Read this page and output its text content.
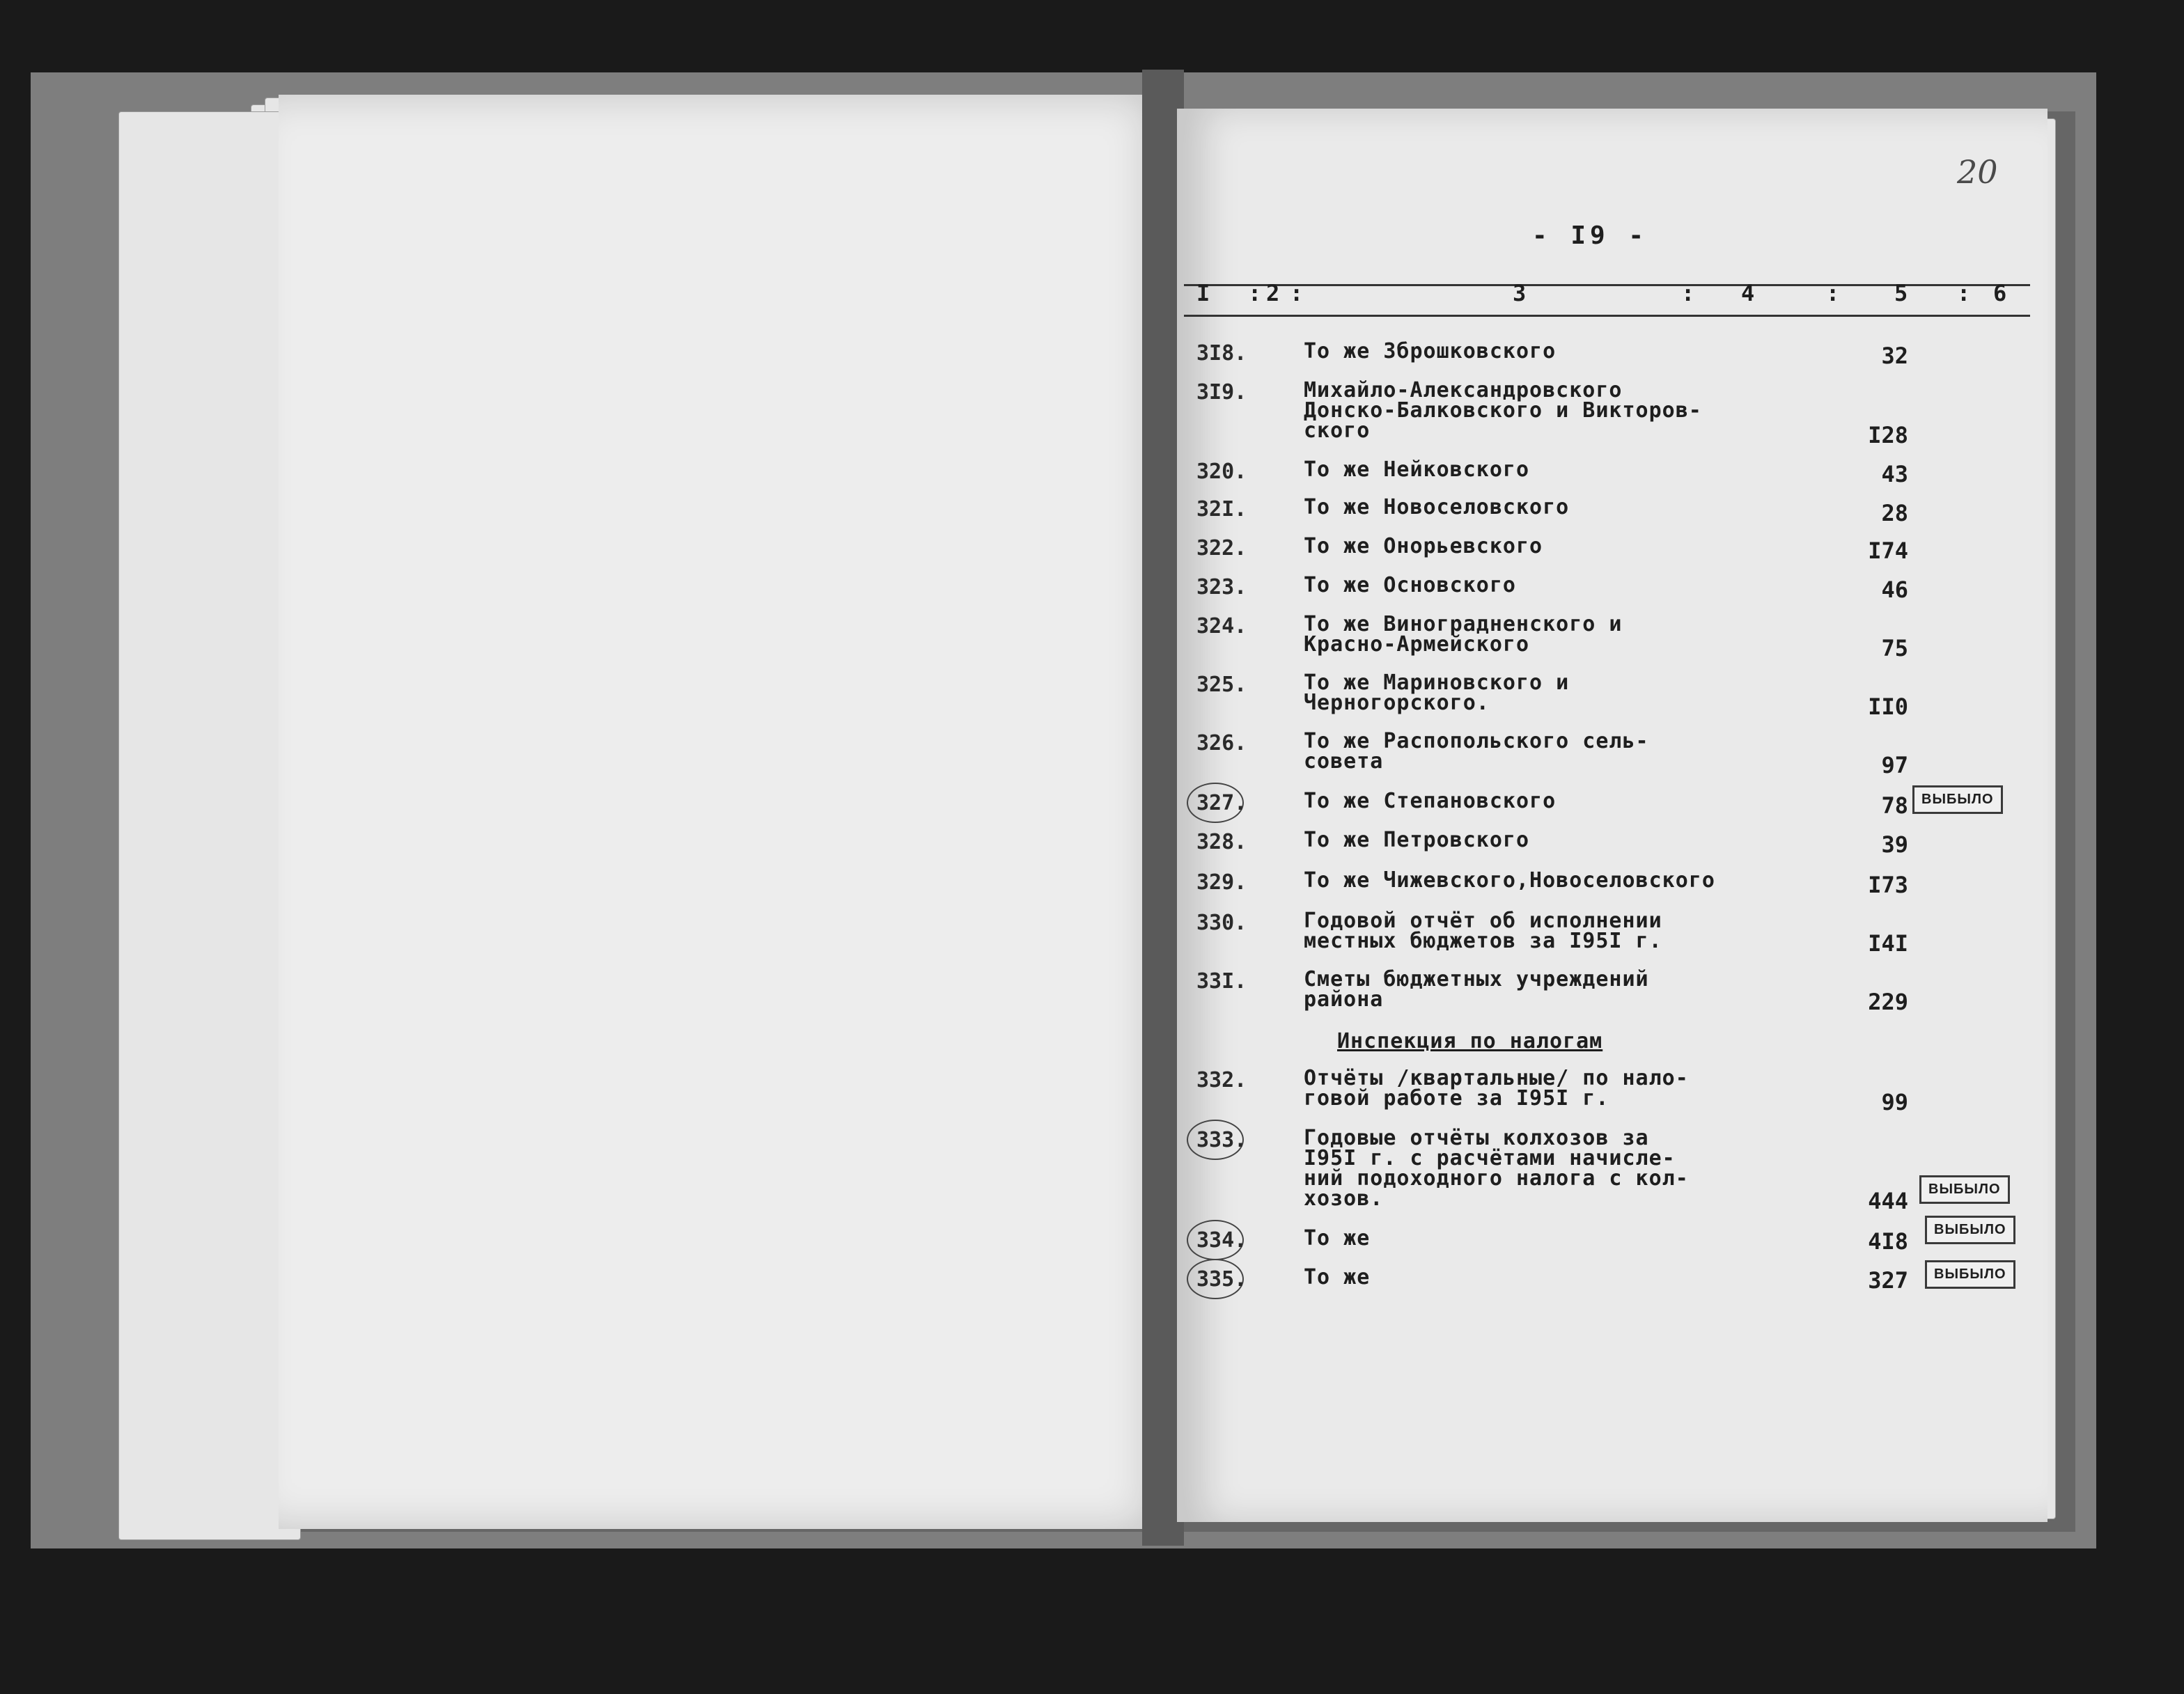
20
- I9 -
I : 2 :	3	: 4	: 5 : 6
3I8.	То же Зброшковского	32
3I9.	Михайло-Александровского
Донско-Балковского и Викторов-
ского	I28
320.	То же Нейковского	43
32I.	То же Новоселовского	28
322.	То же Онорьевского	I74
323.	То же Основского	46
324.	То же Виноградненского и
Красно-Армейского	75
325.	То же Мариновского и
Черногорского.	II0
326.	То же Распопольского сель-
совета	97
327.	То же Степановского	78 ВЫБЫЛО
328.	То же Петровского	39
329.	То же Чижевского,Новоселовского	I73
330.	Годовой отчёт об исполнении
местных бюджетов за I95I г.	I4I
33I.	Сметы бюджетных учреждений
района	229
Инспекция по налогам
332.	Отчёты /квартальные/ по нало-
говой работе за I95I г.	99
333.	Годовые отчёты колхозов за
I95I г. с расчётами начисле-
ний подоходного налога с кол-
хозов.	444	ВЫБЫЛО
334.	То же	4I8	ВЫБЫЛО
335.	То же	327	ВЫБЫЛО
